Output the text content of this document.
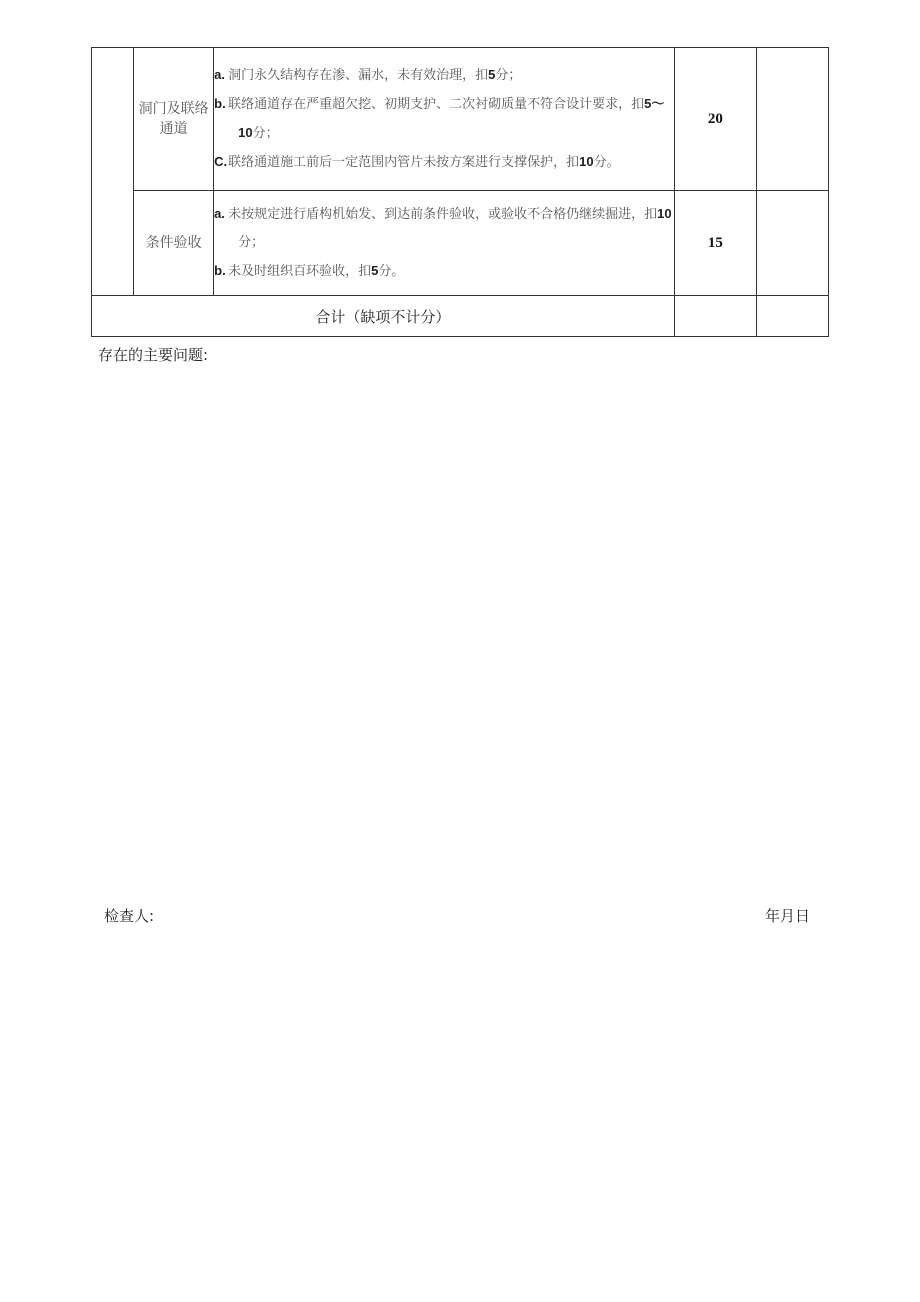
	洞门及联络通道	a. 洞门永久结构存在渗、漏水，未有效治理，扣5分；
b. 联络通道存在严重超欠挖、初期支护、二次衬砌质量不符合设计要求，扣5〜10分；
C.联络通道施工前后一定范围内管片未按方案进行支撑保护，扣10分。	20	
	条件验收	a. 未按规定进行盾构机始发、到达前条件验收，或验收不合格仍继续掘进，扣10分；
b. 未及时组织百环验收，扣5分。	15	
合计（缺项不计分）				
存在的主要问题:
检查人:	年月日
